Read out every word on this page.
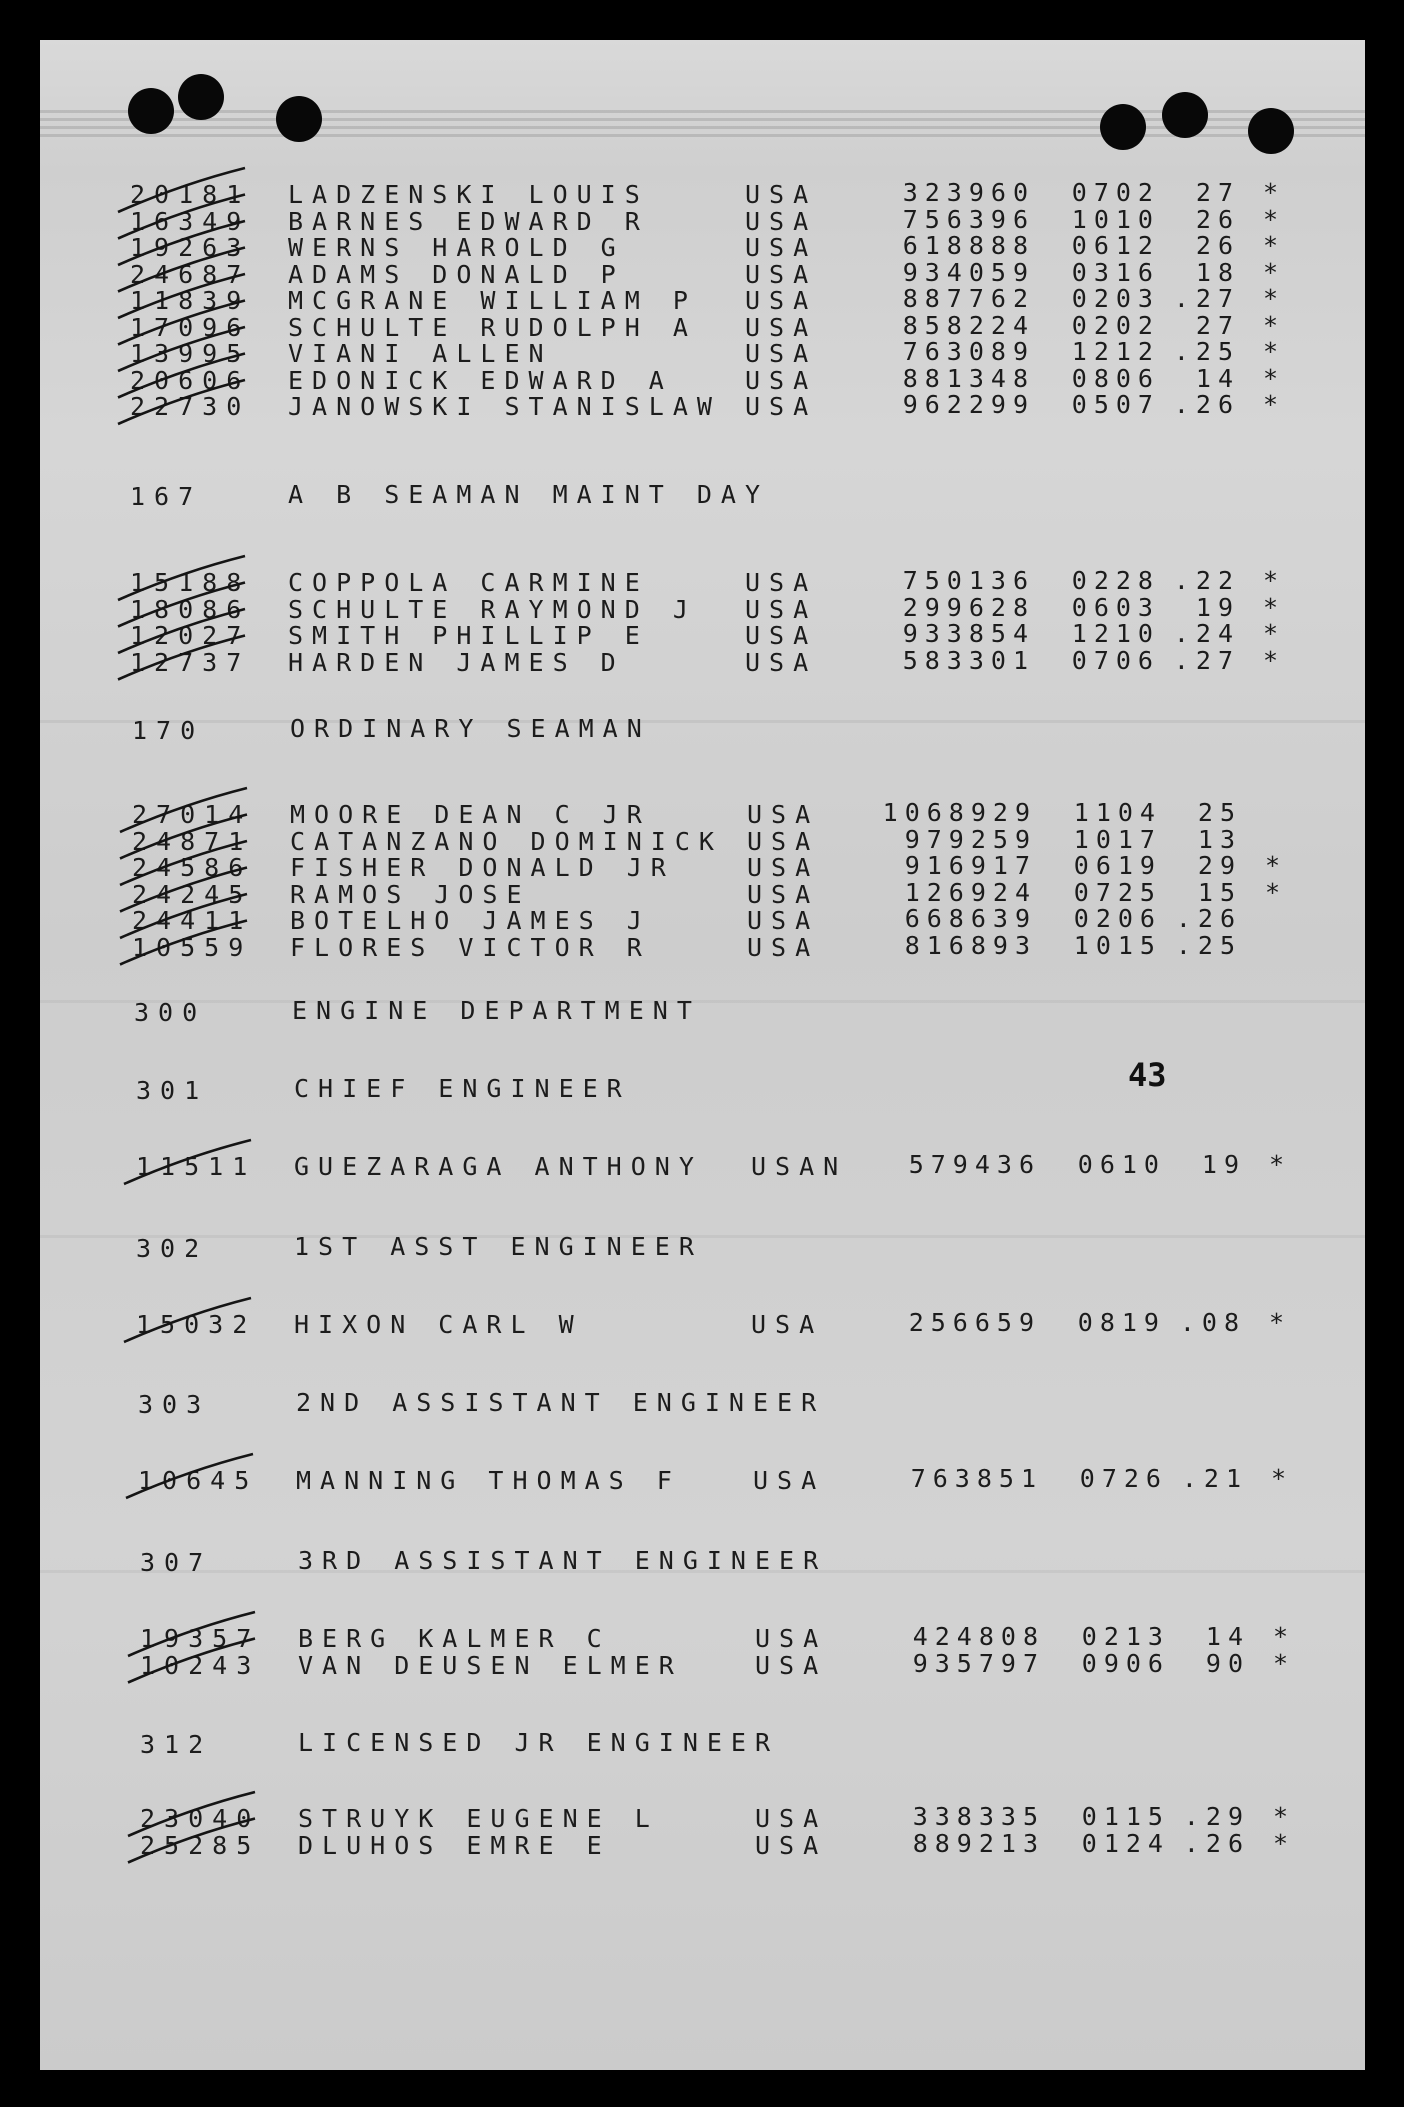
20181 LADZENSKI LOUIS	USA	323960 0702 27 *
16349 BARNES EDWARD R	USA	756396 1010 26 *
19263 WERNS HAROLD G	USA	618888 0612 26 *
24687 ADAMS DONALD P	USA	934059 0316 18 *
11839 MCGRANE WILLIAM P USA	887762 0203 .27 *
17096 SCHULTE RUDOLPH A USA	858224 0202 27 *
13995 VIANI ALLEN	USA	763089 1212 .25 *
20606 EDONICK EDWARD A	USA	881348 0806 14 *
22730 JANOWSKI STANISLAW USA	962299 0507 .26 *
167	A B SEAMAN MAINT DAY
15188 COPPOLA CARMINE	USA	750136 0228 .22 *
18086 SCHULTE RAYMOND J USA	299628 0603 19 *
12027 SMITH PHILLIP E	USA	933854 1210 .24 *
12737 HARDEN JAMES D	USA	583301 0706 .27 *
170	ORDINARY SEAMAN
27014 MOORE DEAN C JR	USA	1068929 1104 25
24871 CATANZANO DOMINICK USA	979259 1017 13
24586 FISHER DONALD JR	USA	916917 0619 29 *
24245 RAMOS JOSE	USA	126924 0725 15 *
24411 BOTELHO JAMES J	USA	668639 0206 .26
10559 FLORES VICTOR R	USA	816893 1015 .25
300	ENGINE DEPARTMENT
301	CHIEF ENGINEER
11511 GUEZARAGA ANTHONY USAN 579436 0610 19 *
302	1ST ASST ENGINEER
15032 HIXON CARL W	USA	256659 0819 .08 *
303	2ND ASSISTANT ENGINEER
10645 MANNING THOMAS F	USA	763851 0726 .21 *
307	3RD ASSISTANT ENGINEER
19357 BERG KALMER C	USA	424808 0213 14 *
10243 VAN DEUSEN ELMER	USA	935797 0906 90 *
312	LICENSED JR ENGINEER
23040 STRUYK EUGENE L	USA	338335 0115 .29 *
25285 DLUHOS EMRE E	USA	889213 0124 .26 *
43
